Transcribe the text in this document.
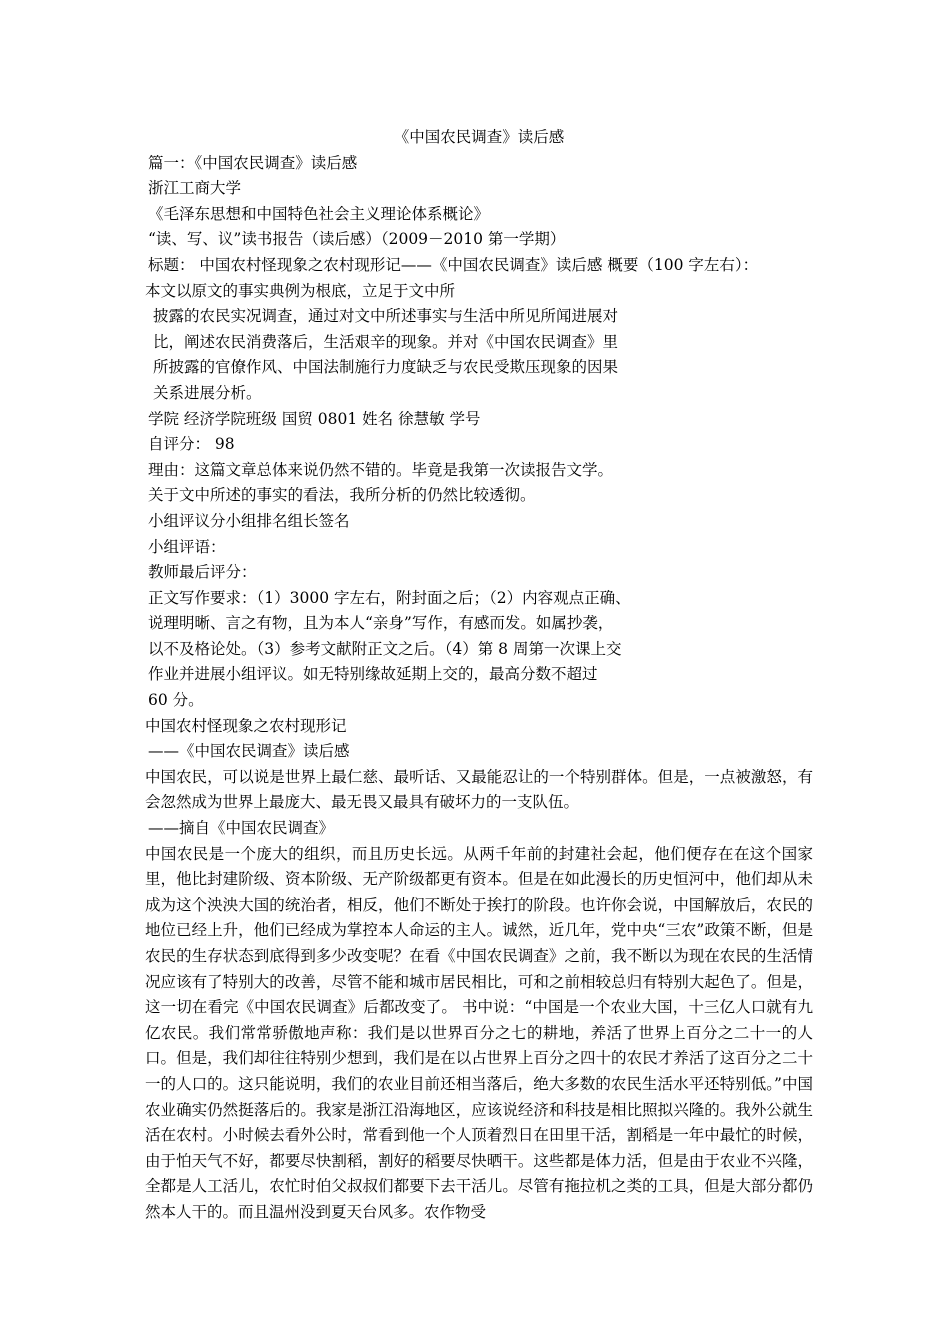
《中国农民调查》读后感
篇一：《中国农民调查》读后感
浙江工商大学
《毛泽东思想和中国特色社会主义理论体系概论》
“读、写、议”读书报告（读后感）（2009－2010 第一学期）
标题： 中国农村怪现象之农村现形记——《中国农民调查》读后感 概要（100 字左右）：
本文以原文的事实典例为根底，立足于文中所
披露的农民实况调查，通过对文中所述事实与生活中所见所闻进展对
比，阐述农民消费落后，生活艰辛的现象。并对《中国农民调查》里
所披露的官僚作风、中国法制施行力度缺乏与农民受欺压现象的因果
关系进展分析。
学院 经济学院班级 国贸 0801 姓名 徐慧敏 学号
自评分： 98
理由：这篇文章总体来说仍然不错的。毕竟是我第一次读报告文学。
关于文中所述的事实的看法，我所分析的仍然比较透彻。
小组评议分小组排名组长签名
小组评语：
教师最后评分：
正文写作要求：（1）3000 字左右，附封面之后；（2）内容观点正确、
说理明晰、言之有物，且为本人“亲身”写作，有感而发。如属抄袭，
以不及格论处。（3）参考文献附正文之后。（4）第 8 周第一次课上交
作业并进展小组评议。如无特别缘故延期上交的，最高分数不超过
60 分。
中国农村怪现象之农村现形记
——《中国农民调查》读后感

中国农民，可以说是世界上最仁慈、最听话、又最能忍让的一个特别群体。但是，一点被激怒，有会忽然成为世界上最庞大、最无畏又最具有破坏力的一支队伍。

——摘自《中国农民调查》

中国农民是一个庞大的组织，而且历史长远。从两千年前的封建社会起，他们便存在在这个国家里，他比封建阶级、资本阶级、无产阶级都更有资本。但是在如此漫长的历史恒河中，他们却从未成为这个泱泱大国的统治者，相反，他们不断处于挨打的阶段。也许你会说，中国解放后，农民的地位已经上升，他们已经成为掌控本人命运的主人。诚然，近几年，党中央“三农”政策不断，但是农民的生存状态到底得到多少改变呢？在看《中国农民调查》之前，我不断以为现在农民的生活情况应该有了特别大的改善，尽管不能和城市居民相比，可和之前相较总归有特别大起色了。但是，这一切在看完《中国农民调查》后都改变了。 书中说：“中国是一个农业大国，十三亿人口就有九亿农民。我们常常骄傲地声称：我们是以世界百分之七的耕地，养活了世界上百分之二十一的人口。但是，我们却往往特别少想到，我们是在以占世界上百分之四十的农民才养活了这百分之二十一的人口的。这只能说明，我们的农业目前还相当落后，绝大多数的农民生活水平还特别低。”中国农业确实仍然挺落后的。我家是浙江沿海地区，应该说经济和科技是相比照拟兴隆的。我外公就生活在农村。小时候去看外公时，常看到他一个人顶着烈日在田里干活，割稻是一年中最忙的时候，由于怕天气不好，都要尽快割稻，割好的稻要尽快晒干。这些都是体力活，但是由于农业不兴隆，全都是人工活儿，农忙时伯父叔叔们都要下去干活儿。尽管有拖拉机之类的工具，但是大部分都仍然本人干的。而且温州没到夏天台风多。农作物受
